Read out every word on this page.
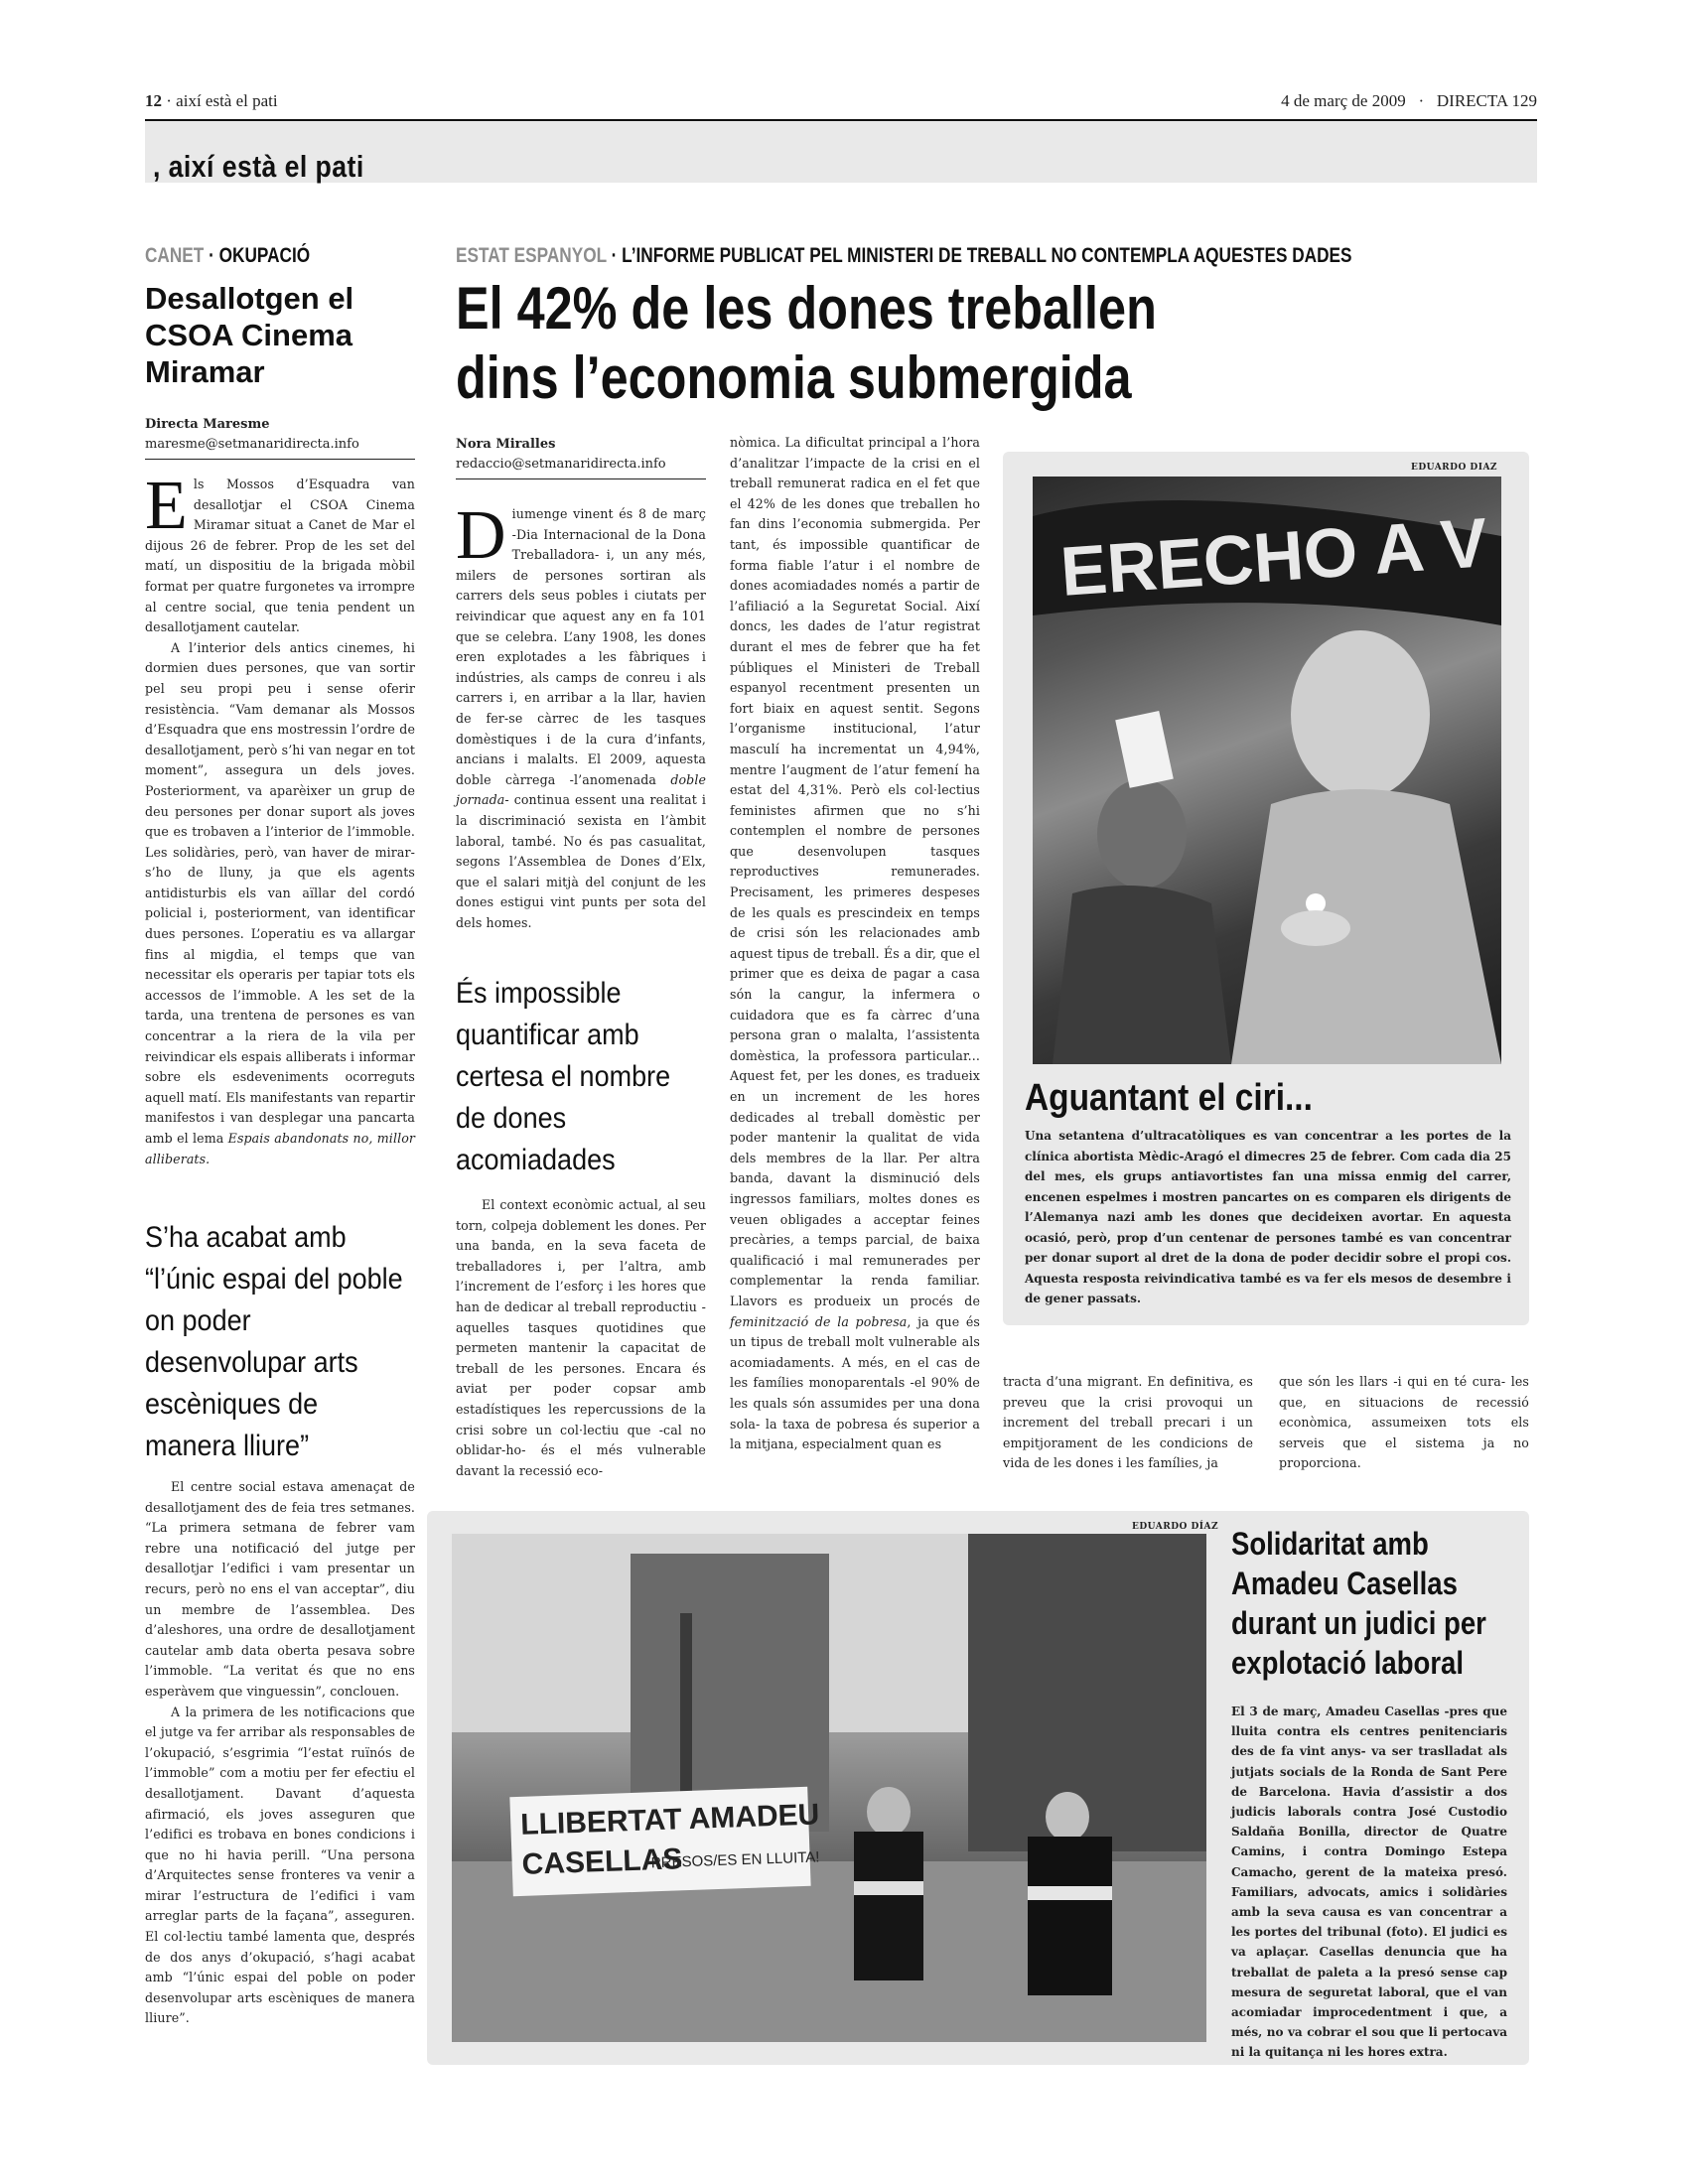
12 · així està el pati	4 de març de 2009 · DIRECTA 129
, així està el pati
CANET · OKUPACIÓ
Desallotgen el CSOA Cinema Miramar
Directa Maresme
maresme@setmanaridirecta.info

Els Mossos d’Esquadra van desallotjar el CSOA Cinema Miramar situat a Canet de Mar el dijous 26 de febrer. Prop de les set del matí, un dispositiu de la brigada mòbil format per quatre furgonetes va irrompre al centre social, que tenia pendent un desallotjament cautelar.

A l’interior dels antics cinemes, hi dormien dues persones, que van sortir pel seu propi peu i sense oferir resistència. “Vam demanar als Mossos d’Esquadra que ens mostressin l’ordre de desallotjament, però s’hi van negar en tot moment”, assegura un dels joves. Posteriorment, va aparèixer un grup de deu persones per donar suport als joves que es trobaven a l’interior de l’immoble. Les solidàries, però, van haver de mirar-s’ho de lluny, ja que els agents antidisturbis els van aïllar del cordó policial i, posteriorment, van identificar dues persones. L’operatiu es va allargar fins al migdia, el temps que van necessitar els operaris per tapiar tots els accessos de l’immoble. A les set de la tarda, una trentena de persones es van concentrar a la riera de la vila per reivindicar els espais alliberats i informar sobre els esdeveniments ocorreguts aquell matí. Els manifestants van repartir manifestos i van desplegar una pancarta amb el lema Espais abandonats no, millor alliberats.

S’ha acabat amb “l’únic espai del poble on poder desenvolupar arts escèniques de manera lliure”

El centre social estava amenaçat de desallotjament des de feia tres setmanes. “La primera setmana de febrer vam rebre una notificació del jutge per desallotjar l’edifici i vam presentar un recurs, però no ens el van acceptar”, diu un membre de l’assemblea. Des d’aleshores, una ordre de desallotjament cautelar amb data oberta pesava sobre l’immoble. “La veritat és que no ens esperàvem que vinguessin”, conclouen.

A la primera de les notificacions que el jutge va fer arribar als responsables de l’okupació, s’esgrimia “l’estat ruïnós de l’immoble” com a motiu per fer efectiu el desallotjament. Davant d’aquesta afirmació, els joves asseguren que l’edifici es trobava en bones condicions i que no hi havia perill. “Una persona d’Arquitectes sense fronteres va venir a mirar l’estructura de l’edifici i vam arreglar parts de la façana”, asseguren. El col·lectiu també lamenta que, després de dos anys d’okupació, s’hagi acabat amb “l’únic espai del poble on poder desenvolupar arts escèniques de manera lliure”.

ESTAT ESPANYOL · L’INFORME PUBLICAT PEL MINISTERI DE TREBALL NO CONTEMPLA AQUESTES DADES
El 42% de les dones treballen
dins l’economia submergida
Nora Miralles
redaccio@setmanaridirecta.info

Diumenge vinent és 8 de març -Dia Internacional de la Dona Treballadora- i, un any més, milers de persones sortiran als carrers dels seus pobles i ciutats per reivindicar que aquest any en fa 101 que se celebra. L’any 1908, les dones eren explotades a les fàbriques i indústries, als camps de conreu i als carrers i, en arribar a la llar, havien de fer-se càrrec de les tasques domèstiques i de la cura d’infants, ancians i malalts. El 2009, aquesta doble càrrega -l’anomenada doble jornada- continua essent una realitat i la discriminació sexista en l’àmbit laboral, també. No és pas casualitat, segons l’Assemblea de Dones d’Elx, que el salari mitjà del conjunt de les dones estigui vint punts per sota del dels homes.

És impossible quantificar amb certesa el nombre de dones acomiadades

El context econòmic actual, al seu torn, colpeja doblement les dones. Per una banda, en la seva faceta de treballadores i, per l’altra, amb l’increment de l’esforç i les hores que han de dedicar al treball reproductiu -aquelles tasques quotidines que permeten mantenir la capacitat de treball de les persones. Encara és aviat per poder copsar amb estadístiques les repercussions de la crisi sobre un col·lectiu que -cal no oblidar-ho- és el més vulnerable davant la recessió eco-

nòmica. La dificultat principal a l’hora d’analitzar l’impacte de la crisi en el treball remunerat radica en el fet que el 42% de les dones que treballen ho fan dins l’economia submergida. Per tant, és impossible quantificar de forma fiable l’atur i el nombre de dones acomiadades només a partir de l’afiliació a la Seguretat Social. Així doncs, les dades de l’atur registrat durant el mes de febrer que ha fet públiques el Ministeri de Treball espanyol recentment presenten un fort biaix en aquest sentit. Segons l’organisme institucional, l’atur masculí ha incrementat un 4,94%, mentre l’augment de l’atur femení ha estat del 4,31%. Però els col·lectius feministes afirmen que no s’hi contemplen el nombre de persones que desenvolupen tasques reproductives remunerades. Precisament, les primeres despeses de les quals es prescindeix en temps de crisi són les relacionades amb aquest tipus de treball. És a dir, que el primer que es deixa de pagar a casa són la cangur, la infermera o cuidadora que es fa càrrec d’una persona gran o malalta, l’assistenta domèstica, la professora particular... Aquest fet, per les dones, es tradueix en un increment de les hores dedicades al treball domèstic per poder mantenir la qualitat de vida dels membres de la llar. Per altra banda, davant la disminució dels ingressos familiars, moltes dones es veuen obligades a acceptar feines precàries, a temps parcial, de baixa qualificació i mal remunerades per complementar la renda familiar. Llavors es produeix un procés de feminització de la pobresa, ja que és un tipus de treball molt vulnerable als acomiadaments. A més, en el cas de les famílies monoparentals -el 90% de les quals són assumides per una dona sola- la taxa de pobresa és superior a la mitjana, especialment quan es

EDUARDO DIAZ
ERECHO A V
Aguantant el ciri...
Una setantena d’ultracatòliques es van concentrar a les portes de la clínica abortista Mèdic-Aragó el dimecres 25 de febrer. Com cada dia 25 del mes, els grups antiavortistes fan una missa enmig del carrer, encenen espelmes i mostren pancartes on es comparen els dirigents de l’Alemanya nazi amb les dones que decideixen avortar. En aquesta ocasió, però, prop d’un centenar de persones també es van concentrar per donar suport al dret de la dona de poder decidir sobre el propi cos. Aquesta resposta reivindicativa també es va fer els mesos de desembre i de gener passats.

tracta d’una migrant. En definitiva, es preveu que la crisi provoqui un increment del treball precari i un empitjorament de les condicions de vida de les dones i les famílies, ja

que són les llars -i qui en té cura- les que, en situacions de recessió econòmica, assumeixen tots els serveis que el sistema ja no proporciona.

EDUARDO DÍAZ
LLIBERTAT AMADEU
CASELLAS
PRESOS/ES EN LLUITA!
Solidaritat amb
Amadeu Casellas
durant un judici per
explotació laboral
El 3 de març, Amadeu Casellas -pres que lluita contra els centres penitenciaris des de fa vint anys- va ser traslladat als jutjats socials de la Ronda de Sant Pere de Barcelona. Havia d’assistir a dos judicis laborals contra José Custodio Saldaña Bonilla, director de Quatre Camins, i contra Domingo Estepa Camacho, gerent de la mateixa presó. Familiars, advocats, amics i solidàries amb la seva causa es van concentrar a les portes del tribunal (foto). El judici es va aplaçar. Casellas denuncia que ha treballat de paleta a la presó sense cap mesura de seguretat laboral, que el van acomiadar improcedentment i que, a més, no va cobrar el sou que li pertocava ni la quitança ni les hores extra.
